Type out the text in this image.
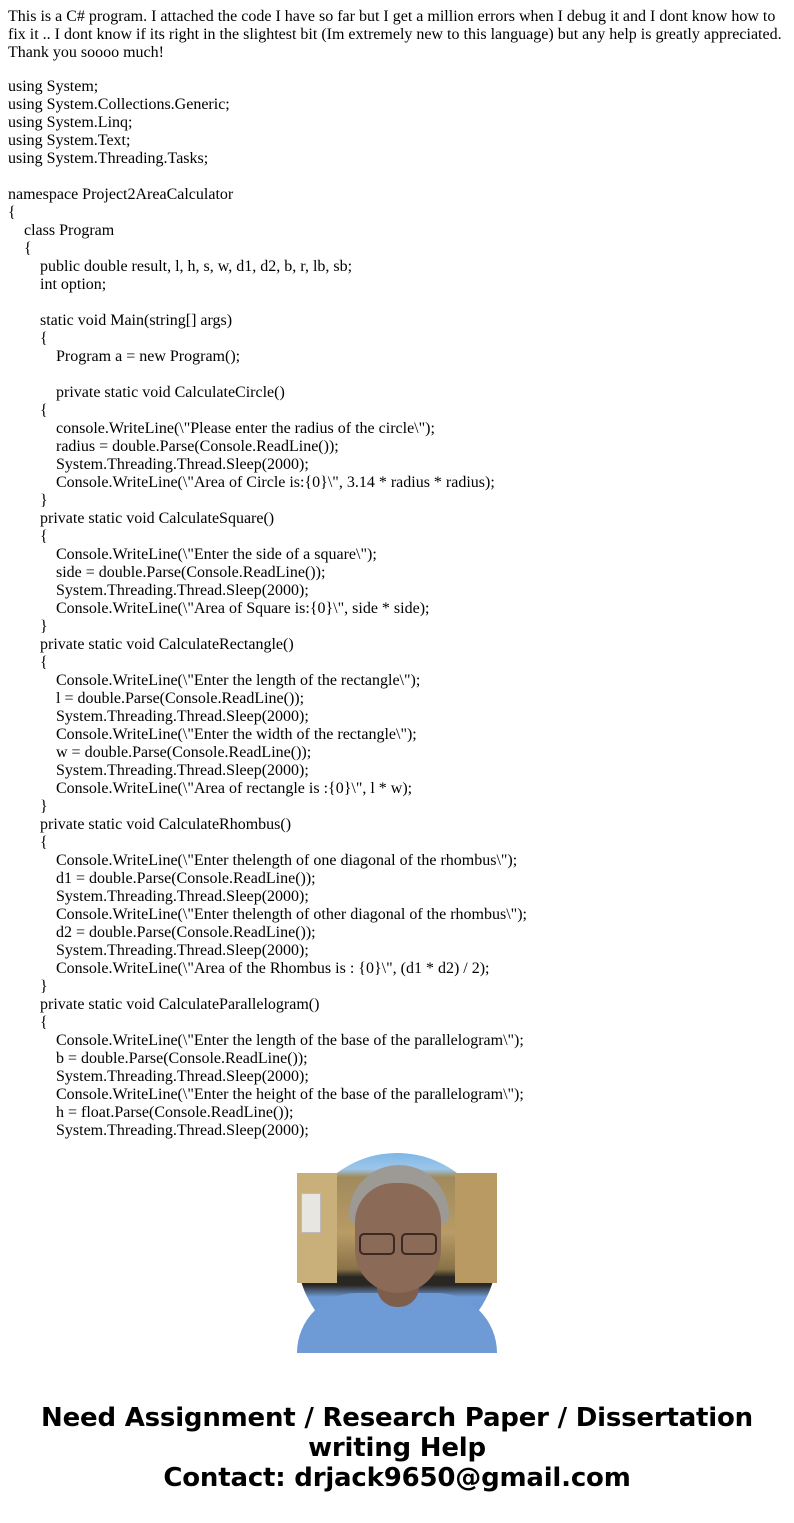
This is a C# program. I attached the code I have so far but I get a million errors when I debug it and I dont know how to fix it .. I dont know if its right in the slightest bit (Im extremely new to this language) but any help is greatly appreciated. Thank you soooo much!

using System;
using System.Collections.Generic;
using System.Linq;
using System.Text;
using System.Threading.Tasks;
namespace Project2AreaCalculator
{
class Program
{
public double result, l, h, s, w, d1, d2, b, r, lb, sb;
int option;
static void Main(string[] args)
{
Program a = new Program();
private static void CalculateCircle()
{
console.WriteLine(\"Please enter the radius of the circle\");
radius = double.Parse(Console.ReadLine());
System.Threading.Thread.Sleep(2000);
Console.WriteLine(\"Area of Circle is:{0}\", 3.14 * radius * radius);
}
private static void CalculateSquare()
{
Console.WriteLine(\"Enter the side of a square\");
side = double.Parse(Console.ReadLine());
System.Threading.Thread.Sleep(2000);
Console.WriteLine(\"Area of Square is:{0}\", side * side);
}
private static void CalculateRectangle()
{
Console.WriteLine(\"Enter the length of the rectangle\");
l = double.Parse(Console.ReadLine());
System.Threading.Thread.Sleep(2000);
Console.WriteLine(\"Enter the width of the rectangle\");
w = double.Parse(Console.ReadLine());
System.Threading.Thread.Sleep(2000);
Console.WriteLine(\"Area of rectangle is :{0}\", l * w);
}
private static void CalculateRhombus()
{
Console.WriteLine(\"Enter thelength of one diagonal of the rhombus\");
d1 = double.Parse(Console.ReadLine());
System.Threading.Thread.Sleep(2000);
Console.WriteLine(\"Enter thelength of other diagonal of the rhombus\");
d2 = double.Parse(Console.ReadLine());
System.Threading.Thread.Sleep(2000);
Console.WriteLine(\"Area of the Rhombus is : {0}\", (d1 * d2) / 2);
}
private static void CalculateParallelogram()
{
Console.WriteLine(\"Enter the length of the base of the parallelogram\");
b = double.Parse(Console.ReadLine());
System.Threading.Thread.Sleep(2000);
Console.WriteLine(\"Enter the height of the base of the parallelogram\");
h = float.Parse(Console.ReadLine());
System.Threading.Thread.Sleep(2000);
Need Assignment / Research Paper / Dissertation
writing Help
Contact: drjack9650@gmail.com
